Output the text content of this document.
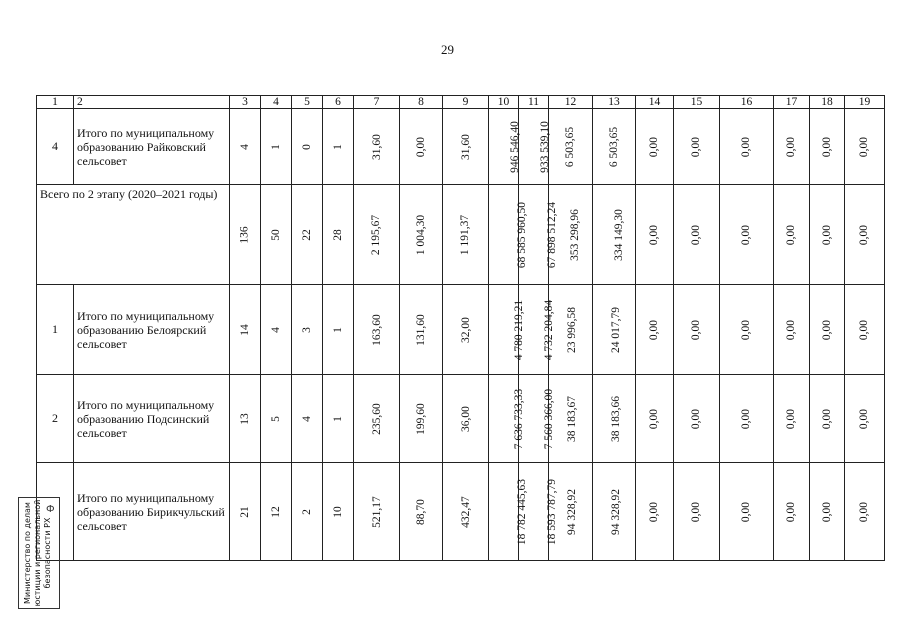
29
1	2	3	4	5	6	7	8	9	10	11	12	13	14	15	16	17	18	19
4	Итого по муниципальному образованию Райковский сельсовет	4	1	0	1	31,60	0,00	31,60	946 546,40	933 539,10	6 503,65	6 503,65	0,00	0,00	0,00	0,00	0,00	0,00
Всего по 2 этапу (2020–2021 годы)		136	50	22	28	2 195,67	1 004,30	1 191,37	68 585 960,50	67 898 512,24	353 298,96	334 149,30	0,00	0,00	0,00	0,00	0,00	0,00
1	Итого по муниципальному образованию Белоярский сельсовет	14	4	3	1	163,60	131,60	32,00	4 780 219,21	4 732 204,84	23 996,58	24 017,79	0,00	0,00	0,00	0,00	0,00	0,00
2	Итого по муниципальному образованию Подсинский сельсовет	13	5	4	1	235,60	199,60	36,00	7 636 733,33	7 560 366,00	38 183,67	38 183,66	0,00	0,00	0,00	0,00	0,00	0,00
	Итого по муниципальному образованию Бирикчульский сельсовет	21	12	2	10	521,17	88,70	432,47	18 782 445,63	18 593 787,79	94 328,92	94 328,92	0,00	0,00	0,00	0,00	0,00	0,00
Министерство по делам юстиции и региональной безопасности РХ
Ф
